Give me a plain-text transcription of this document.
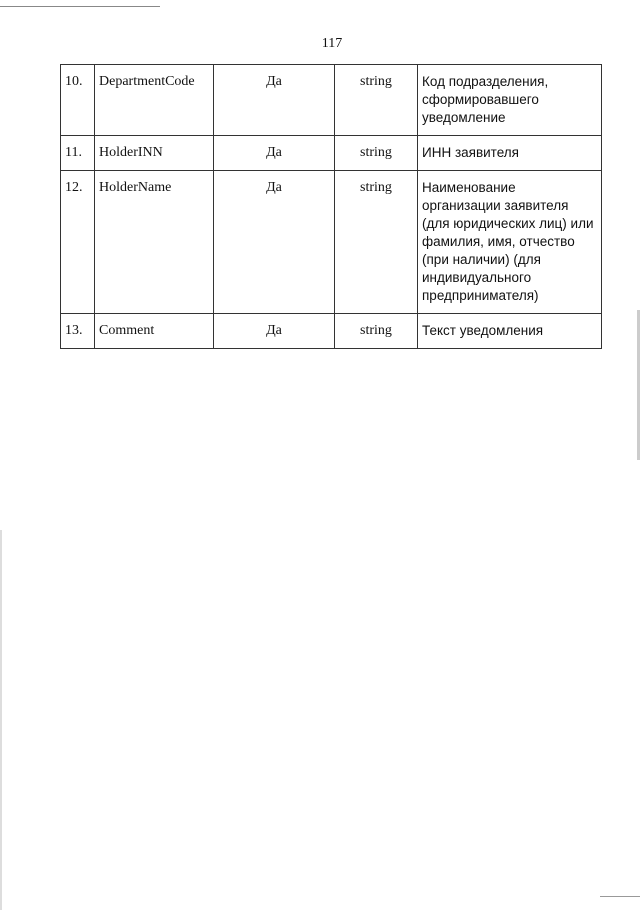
117
10.	DepartmentCode	Да	string	Код подразделения, сформировавшего уведомление
11.	HolderINN	Да	string	ИНН заявителя
12.	HolderName	Да	string	Наименование организации заявителя (для юридических лиц) или фамилия, имя, отчество (при наличии) (для индивидуального предпринимателя)
13.	Comment	Да	string	Текст уведомления
